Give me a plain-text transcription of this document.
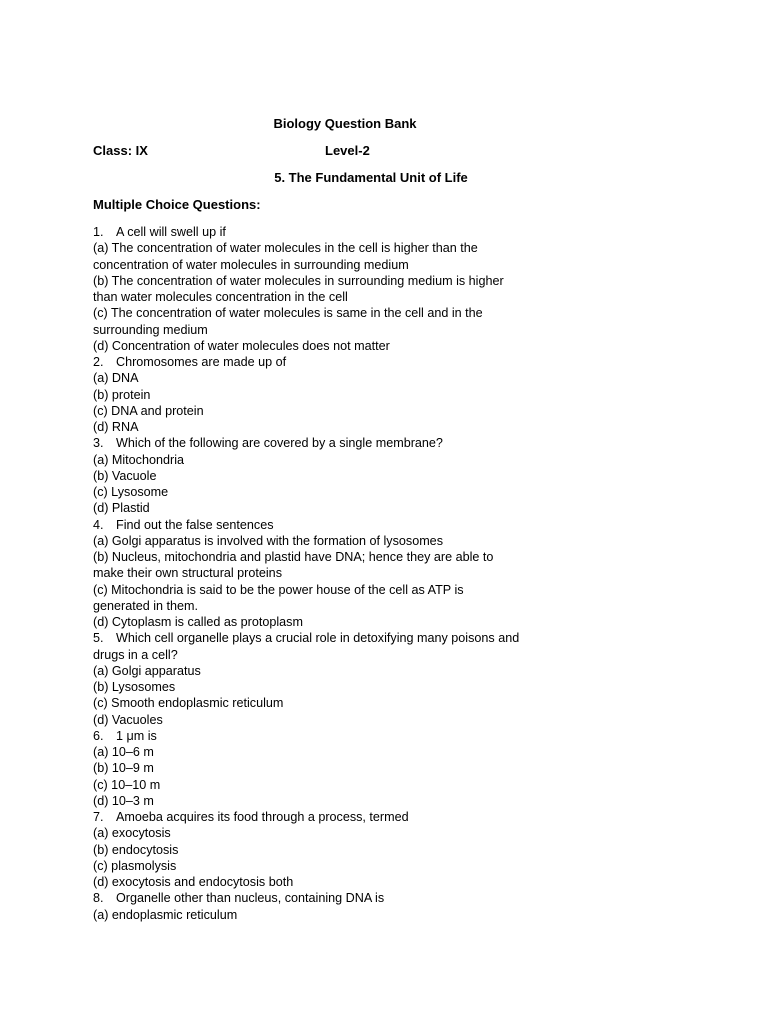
Biology Question Bank
Class: IX	Level-2
5. The Fundamental Unit of Life
Multiple Choice Questions:
1. A cell will swell up if
(a) The concentration of water molecules in the cell is higher than the
concentration of water molecules in surrounding medium
(b) The concentration of water molecules in surrounding medium is higher
than water molecules concentration in the cell
(c) The concentration of water molecules is same in the cell and in the
surrounding medium
(d) Concentration of water molecules does not matter
2. Chromosomes are made up of
(a) DNA
(b) protein
(c) DNA and protein
(d) RNA
3. Which of the following are covered by a single membrane?
(a) Mitochondria
(b) Vacuole
(c) Lysosome
(d) Plastid
4. Find out the false sentences
(a) Golgi apparatus is involved with the formation of lysosomes
(b) Nucleus, mitochondria and plastid have DNA; hence they are able to
make their own structural proteins
(c) Mitochondria is said to be the power house of the cell as ATP is
generated in them.
(d) Cytoplasm is called as protoplasm
5. Which cell organelle plays a crucial role in detoxifying many poisons and
drugs in a cell?
(a) Golgi apparatus
(b) Lysosomes
(c) Smooth endoplasmic reticulum
(d) Vacuoles
6. 1 μm is
(a) 10–6 m
(b) 10–9 m
(c) 10–10 m
(d) 10–3 m
7. Amoeba acquires its food through a process, termed
(a) exocytosis
(b) endocytosis
(c) plasmolysis
(d) exocytosis and endocytosis both
8. Organelle other than nucleus, containing DNA is
(a) endoplasmic reticulum
